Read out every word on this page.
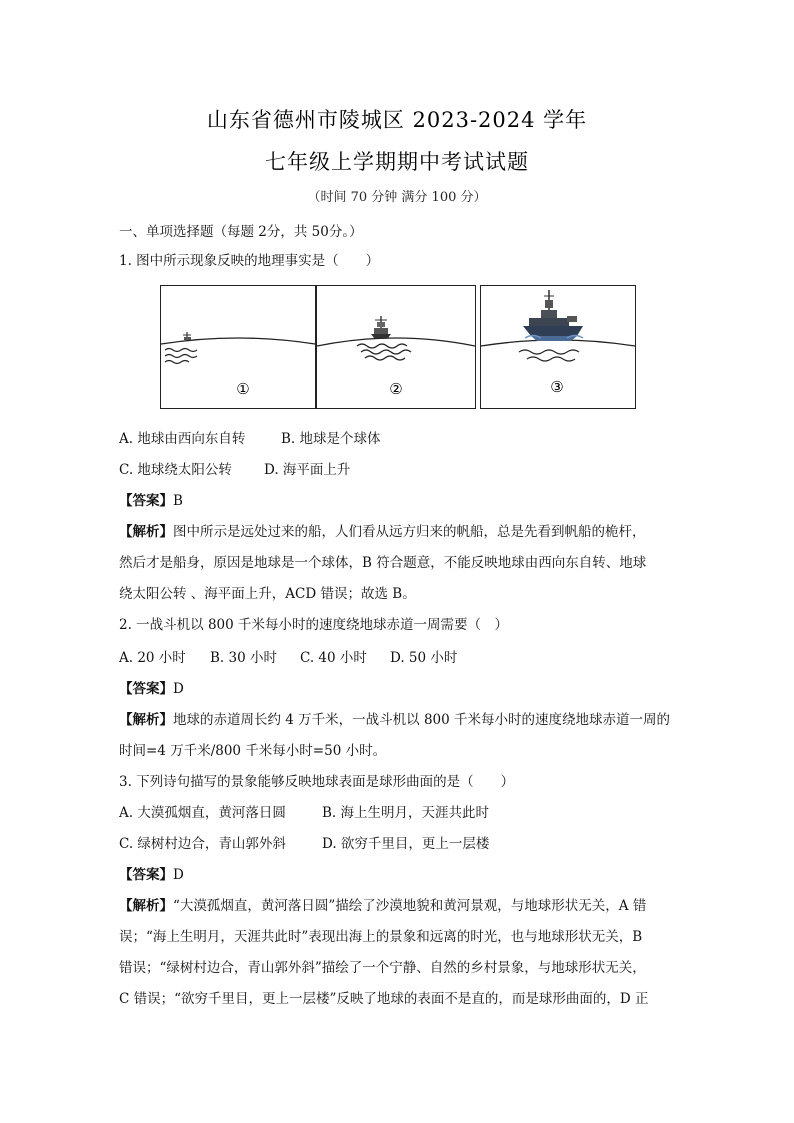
山东省德州市陵城区 2023-2024 学年
七年级上学期期中考试试题
（时间 70 分钟 满分 100 分）
一、单项选择题（每题 2分，共 50分。）
1. 图中所示现象反映的地理事实是（　　）
①	②	③
A. 地球由西向东自转	B. 地球是个球体
C. 地球绕太阳公转 D. 海平面上升
【答案】B
【解析】图中所示是远处过来的船，人们看从远方归来的帆船，总是先看到帆船的桅杆，
然后才是船身，原因是地球是一个球体，B 符合题意，不能反映地球由西向东自转、地球
绕太阳公转 、海平面上升，ACD 错误；故选 B。
2. 一战斗机以 800 千米每小时的速度绕地球赤道一周需要（　）
A. 20 小时 B. 30 小时 C. 40 小时 D. 50 小时
【答案】D
【解析】地球的赤道周长约 4 万千米，一战斗机以 800 千米每小时的速度绕地球赤道一周的
时间=4 万千米/800 千米每小时=50 小时。
3. 下列诗句描写的景象能够反映地球表面是球形曲面的是（　　）
A. 大漠孤烟直，黄河落日圆	B. 海上生明月，天涯共此时
C. 绿树村边合，青山郭外斜	D. 欲穷千里目，更上一层楼
【答案】D
【解析】“大漠孤烟直，黄河落日圆”描绘了沙漠地貌和黄河景观，与地球形状无关，A 错
误；“海上生明月，天涯共此时”表现出海上的景象和远离的时光，也与地球形状无关，B
错误；“绿树村边合，青山郭外斜”描绘了一个宁静、自然的乡村景象，与地球形状无关，
C 错误；“欲穷千里目，更上一层楼”反映了地球的表面不是直的，而是球形曲面的，D 正
